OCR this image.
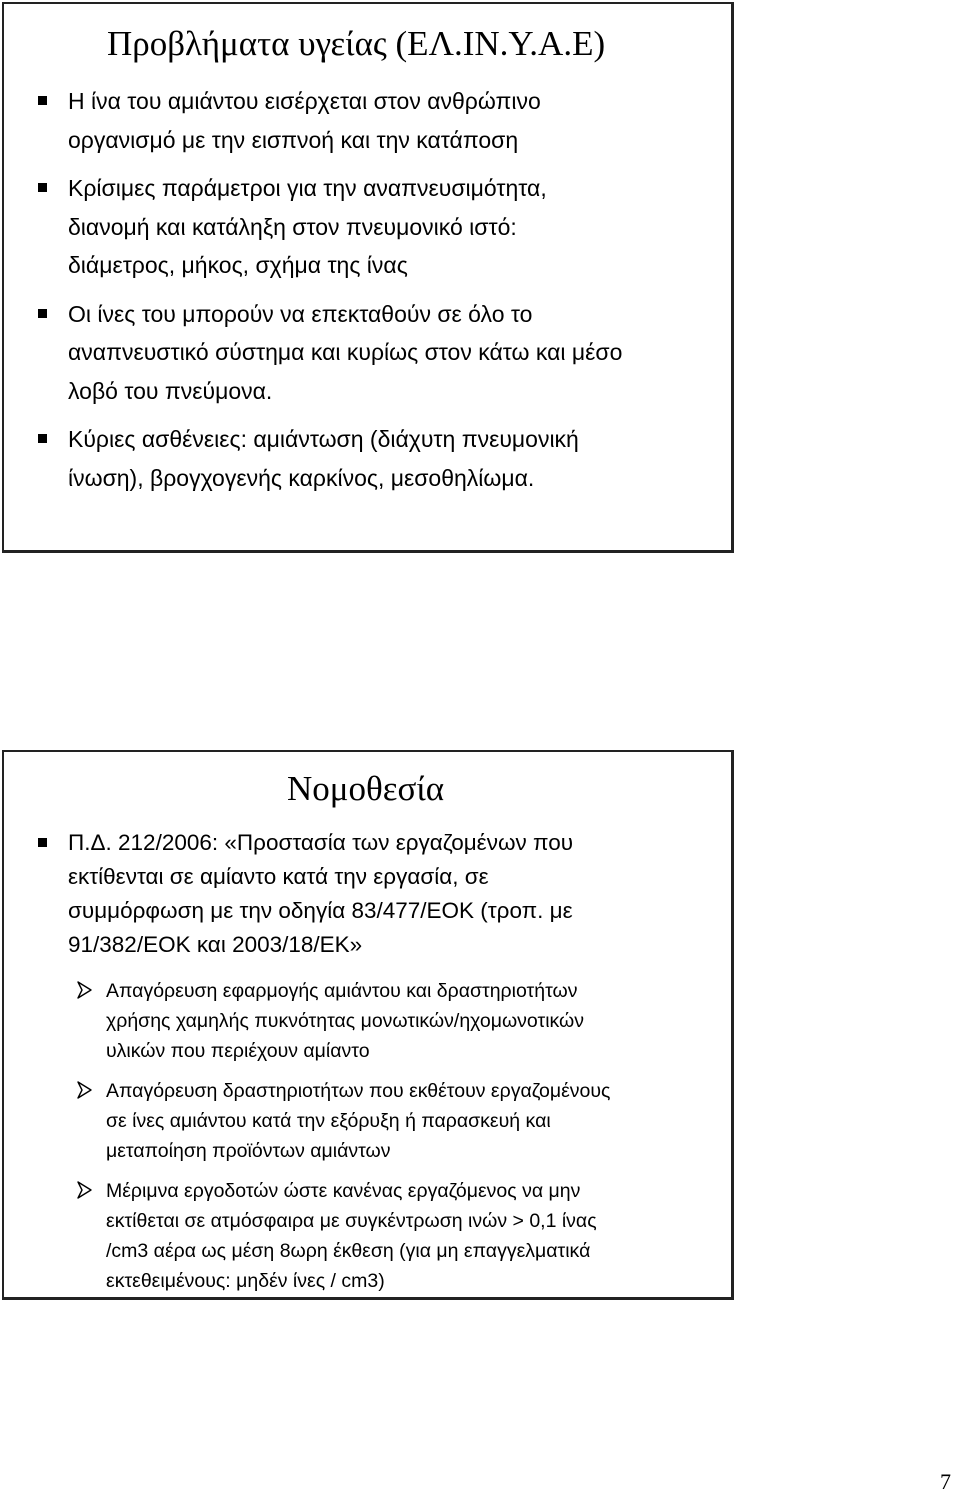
Προβλήματα υγείας (ΕΛ.ΙΝ.Υ.Α.Ε)
Η ίνα του αμιάντου εισέρχεται στον ανθρώπινο
οργανισμό με την εισπνοή και την κατάποση
Κρίσιμες παράμετροι για την αναπνευσιμότητα,
διανομή και κατάληξη στον πνευμονικό ιστό:
διάμετρος, μήκος, σχήμα της ίνας
Οι ίνες του μπορούν να επεκταθούν σε όλο το
αναπνευστικό σύστημα και κυρίως στον κάτω και μέσο
λοβό του πνεύμονα.
Κύριες ασθένειες: αμιάντωση (διάχυτη πνευμονική
ίνωση), βρογχογενής καρκίνος, μεσοθηλίωμα.
Νομοθεσία
Π.Δ. 212/2006: «Προστασία των εργαζομένων που
εκτίθενται σε αμίαντο κατά την εργασία, σε
συμμόρφωση με την οδηγία 83/477/ΕΟΚ (τροπ. με
91/382/ΕΟΚ και 2003/18/ΕΚ»
Απαγόρευση εφαρμογής αμιάντου και δραστηριοτήτων
χρήσης χαμηλής πυκνότητας μονωτικών/ηχομωνοτικών
υλικών που περιέχουν αμίαντο
Απαγόρευση δραστηριοτήτων που εκθέτουν εργαζομένους
σε ίνες αμιάντου κατά την εξόρυξη ή παρασκευή και
μεταποίηση προϊόντων αμιάντων
Μέριμνα εργοδοτών ώστε κανένας εργαζόμενος να μην
εκτίθεται σε ατμόσφαιρα με συγκέντρωση ινών > 0,1 ίνας
/cm3 αέρα ως μέση 8ωρη έκθεση (για μη επαγγελματικά
εκτεθειμένους: μηδέν ίνες / cm3)
7
